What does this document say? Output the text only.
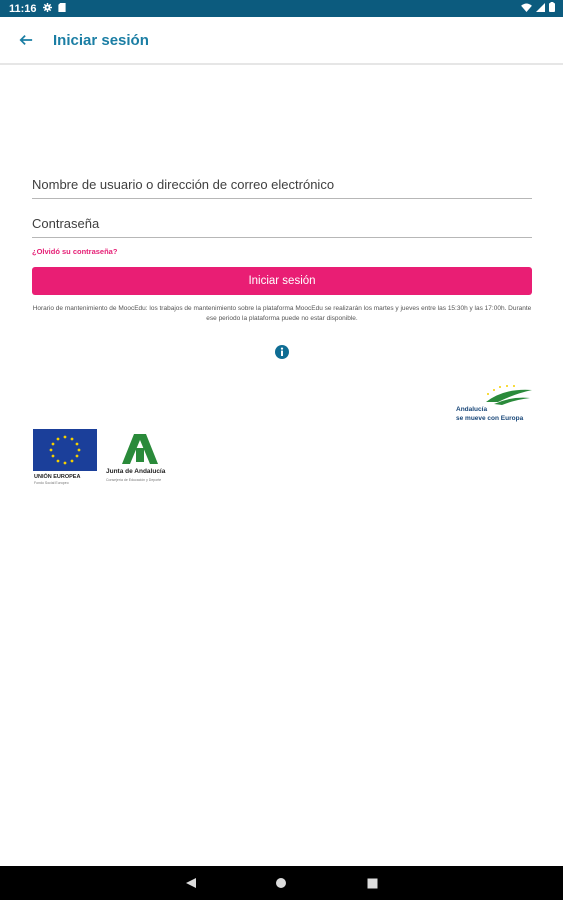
11:16
Iniciar sesión
Nombre de usuario o dirección de correo electrónico
¿Olvidó su contraseña?
Iniciar sesión
Horario de mantenimiento de MoocEdu: los trabajos de mantenimiento sobre la plataforma MoocEdu se realizarán los martes y jueves entre las 15:30h y las 17:00h. Durante ese periodo la plataforma puede no estar disponible.
Andalucía
se mueve con Europa
UNIÓN EUROPEA
Fondo Social Europeo
Junta de Andalucía
Consejería de Educación y Deporte
